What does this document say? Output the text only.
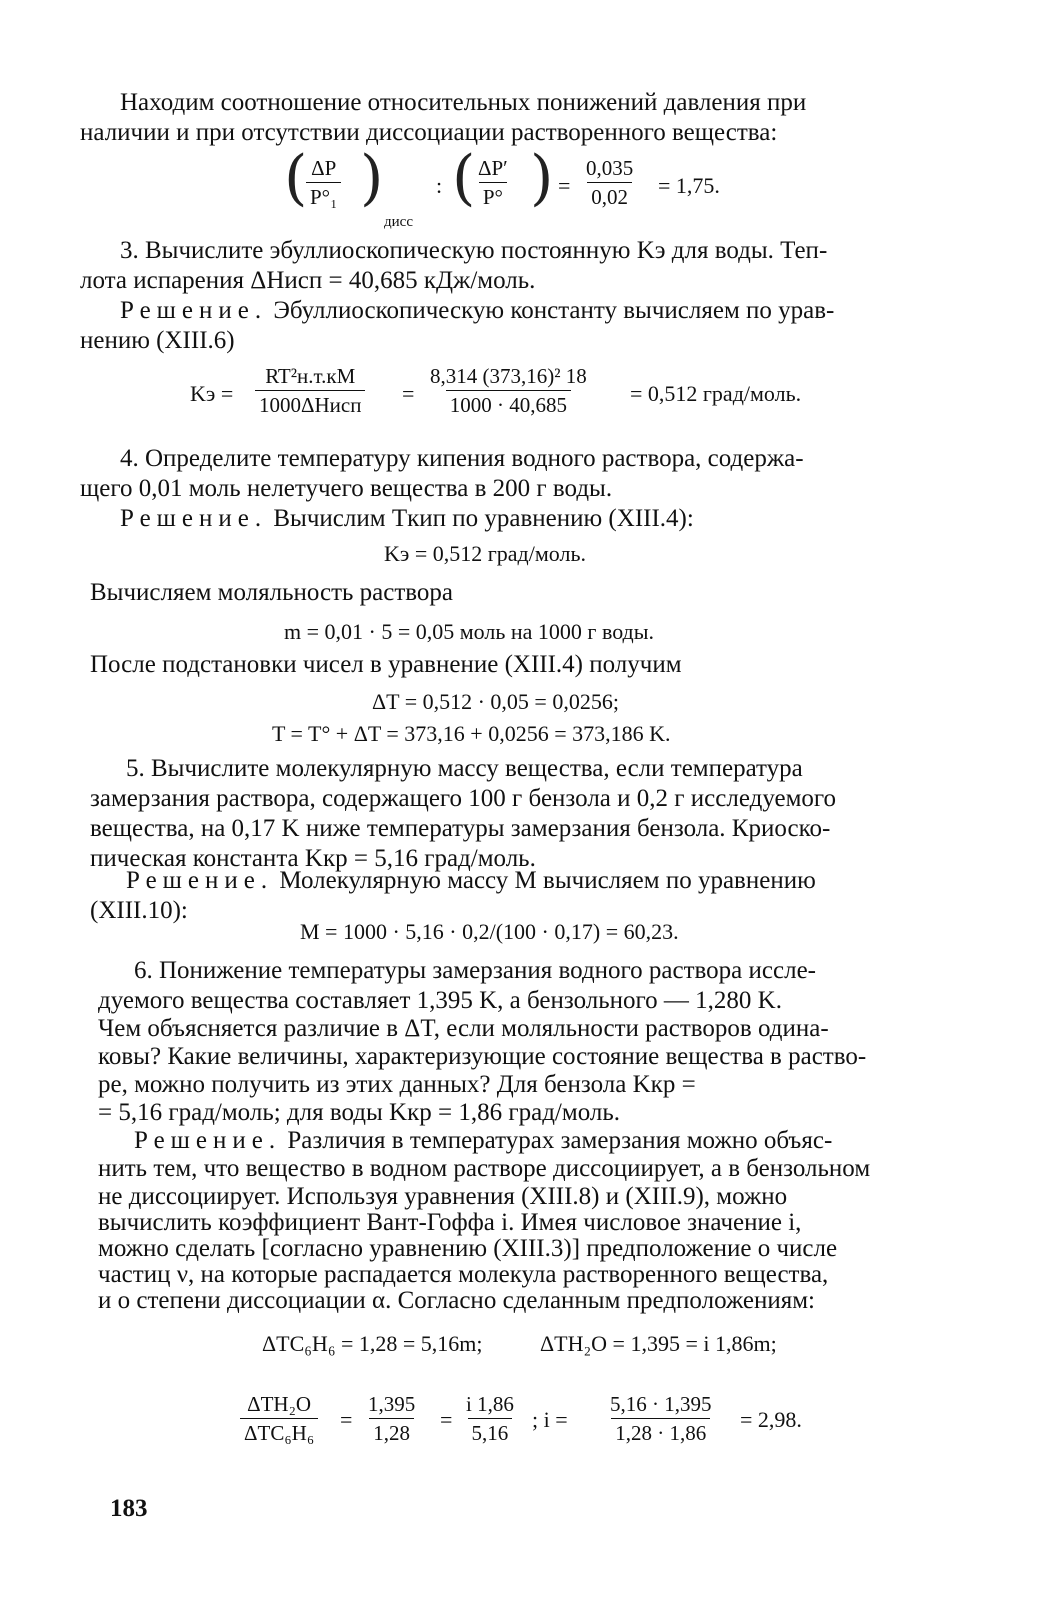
Находим соотношение относительных понижений давления при
наличии и при отсутствии диссоциации растворенного вещества:
(
$\frac{\Delta P}{\text{P°₁}}$ )
дисс
: (
$\frac{\Delta P'}{P^\circ}$ ) = $\frac{0,035}{0,02} = 1,75$.
3. Вычислите эбуллиоскопическую постоянную Kэ для воды. Теп-
лота испарения ΔHисп = 40,685 кДж/моль.
Решение. Эбуллиоскопическую константу вычисляем по урав-
нению (XIII.6)
Kэ =
RT²н.т.кM
1000ΔHисп = $\frac{\text{8,314 (373,16)² 18}}{1000 \cdot 40,685} = 0,512$ град/моль.
4. Определите температуру кипения водного раствора, содержа-
щего 0,01 моль нелетучего вещества в 200 г воды.
Решение. Вычислим Tкип по уравнению (XIII.4):
Kэ = 0,512 град/моль.
Вычисляем моляльность раствора
m = 0,01 · 5 = 0,05 моль на 1000 г воды.
После подстановки чисел в уравнение (XIII.4) получим
ΔT = 0,512 · 0,05 = 0,0256;
T = T° + ΔT = 373,16 + 0,0256 = 373,186 K.
5. Вычислите молекулярную массу вещества, если температура
замерзания раствора, содержащего 100 г бензола и 0,2 г исследуемого
вещества, на 0,17 K ниже температуры замерзания бензола. Криоско-
пическая константа Kкр = 5,16 град/моль.
Решение. Молекулярную массу M вычисляем по уравнению
(XIII.10):
M = 1000 · 5,16 · 0,2/(100 · 0,17) = 60,23.
6. Понижение температуры замерзания водного раствора иссле-
дуемого вещества составляет 1,395 K, а бензольного — 1,280 K.
Чем объясняется различие в ΔT, если моляльности растворов одина-
ковы? Какие величины, характеризующие состояние вещества в раство-
ре, можно получить из этих данных? Для бензола Kкр =
= 5,16 град/моль; для воды Kкр = 1,86 град/моль.
Решение. Различия в температурах замерзания можно объяс-
нить тем, что вещество в водном растворе диссоциирует, а в бензольном
не диссоциирует. Используя уравнения (XIII.8) и (XIII.9), можно
вычислить коэффициент Вант-Гоффа i. Имея числовое значение i,
можно сделать [согласно уравнению (XIII.3)] предположение о числе
частиц ν, на которые распадается молекула растворенного вещества,
и о степени диссоциации α. Согласно сделанным предположениям:
ΔTC₆H₆ = 1,28 = 5,16m;	ΔTH₂O = 1,395 = i 1,86m;
ΔTH₂O
ΔTC₆H₆
= $\frac{1,395}{1,28} = \frac{i 1,86}{5,16}$ ; $i = \frac{5,16 \cdot 1,395}{1,28 \cdot 1,86} = 2,98$.
183
